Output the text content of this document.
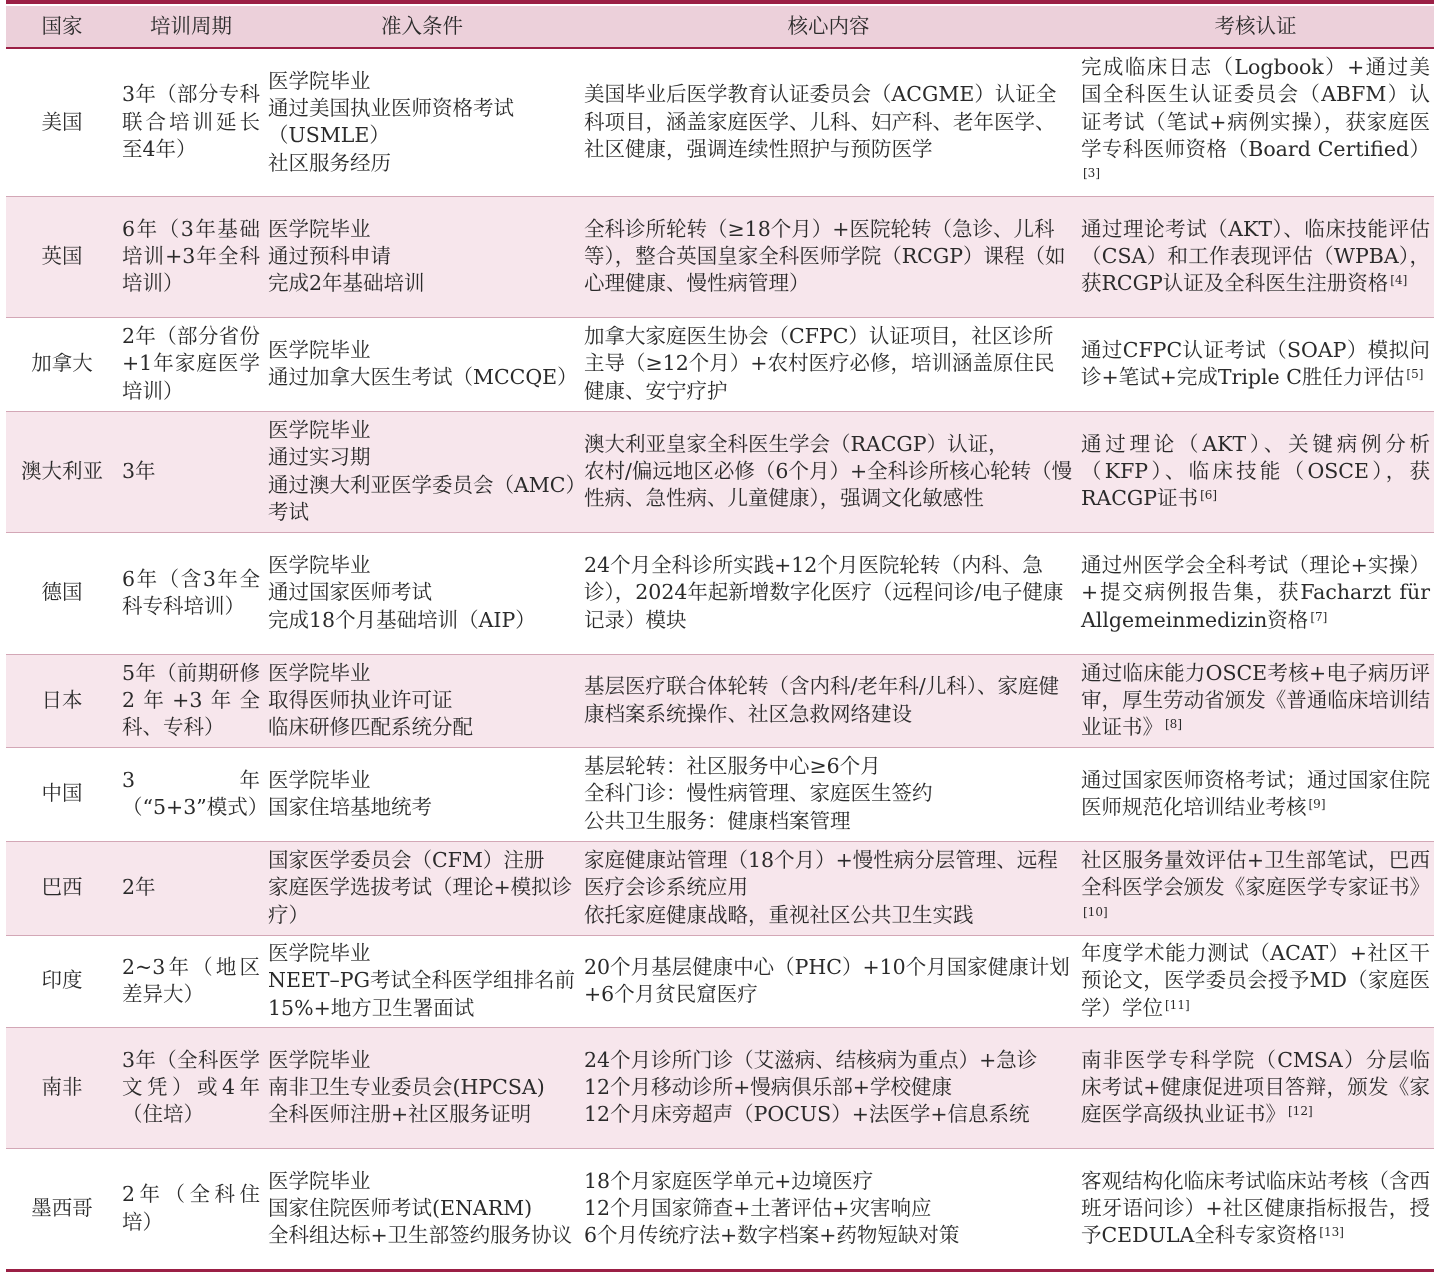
国家	培训周期	准入条件	核心内容	考核认证
美国	3年（部分专科联合培训延长至4年）	医学院毕业
通过美国执业医师资格考试（USMLE）
社区服务经历	美国毕业后医学教育认证委员会（ACGME）认证全科项目，涵盖家庭医学、儿科、妇产科、老年医学、社区健康，强调连续性照护与预防医学	完成临床日志（Logbook）+通过美国全科医生认证委员会（ABFM）认证考试（笔试+病例实操），获家庭医学专科医师资格（Board Certified）[3]
英国	6年（3年基础培训+3年全科培训）	医学院毕业
通过预科申请
完成2年基础培训	全科诊所轮转（≥18个月）+医院轮转（急诊、儿科等），整合英国皇家全科医师学院（RCGP）课程（如心理健康、慢性病管理）	通过理论考试（AKT）、临床技能评估（CSA）和工作表现评估（WPBA），获RCGP认证及全科医生注册资格 [4]
加拿大	2年（部分省份+1年家庭医学培训）	医学院毕业
通过加拿大医生考试（MCCQE）	加拿大家庭医生协会（CFPC）认证项目，社区诊所主导（≥12个月）+农村医疗必修，培训涵盖原住民健康、安宁疗护	通过CFPC认证考试（SOAP）模拟问诊+笔试+完成Triple C胜任力评估 [5]
澳大利亚	3年	医学院毕业
通过实习期
通过澳大利亚医学委员会（AMC）考试	澳大利亚皇家全科医生学会（RACGP）认证，
农村/偏远地区必修（6个月）+全科诊所核心轮转（慢性病、急性病、儿童健康），强调文化敏感性	通过理论（AKT）、关键病例分析（KFP）、临床技能（OSCE），获RACGP证书 [6]
德国	6年（含3年全科专科培训）	医学院毕业
通过国家医师考试
完成18个月基础培训（AIP）	24个月全科诊所实践+12个月医院轮转（内科、急诊），2024年起新增数字化医疗（远程问诊/电子健康记录）模块	通过州医学会全科考试（理论+实操）+提交病例报告集，获Facharzt für Allgemeinmedizin资格 [7]
日本	5年（前期研修2年+3年全科、专科）	医学院毕业
取得医师执业许可证
临床研修匹配系统分配	基层医疗联合体轮转（含内科/老年科/儿科）、家庭健康档案系统操作、社区急救网络建设	通过临床能力OSCE考核+电子病历评审，厚生劳动省颁发《普通临床培训结业证书》 [8]
中国	3年（“5+3”模式）	医学院毕业
国家住培基地统考	基层轮转：社区服务中心≥6个月
全科门诊：慢性病管理、家庭医生签约
公共卫生服务：健康档案管理	通过国家医师资格考试；通过国家住院医师规范化培训结业考核 [9]
巴西	2年	国家医学委员会（CFM）注册
家庭医学选拔考试（理论+模拟诊疗）	家庭健康站管理（18个月）+慢性病分层管理、远程医疗会诊系统应用
依托家庭健康战略，重视社区公共卫生实践	社区服务量效评估+卫生部笔试，巴西全科医学会颁发《家庭医学专家证书》[10]
印度	2~3年（地区差异大）	医学院毕业
NEET–PG考试全科医学组排名前15%+地方卫生署面试	20个月基层健康中心（PHC）+10个月国家健康计划+6个月贫民窟医疗	年度学术能力测试（ACAT）+社区干预论文，医学委员会授予MD（家庭医学）学位 [11]
南非	3年（全科医学文凭）或4年（住培）	医学院毕业
南非卫生专业委员会(HPCSA)
全科医师注册+社区服务证明	24个月诊所门诊（艾滋病、结核病为重点）+急诊
12个月移动诊所+慢病俱乐部+学校健康
12个月床旁超声（POCUS）+法医学+信息系统	南非医学专科学院（CMSA）分层临床考试+健康促进项目答辩，颁发《家庭医学高级执业证书》 [12]
墨西哥	2年（全科住培）	医学院毕业
国家住院医师考试(ENARM)
全科组达标+卫生部签约服务协议	18个月家庭医学单元+边境医疗
12个月国家筛查+土著评估+灾害响应
6个月传统疗法+数字档案+药物短缺对策	客观结构化临床考试临床站考核（含西班牙语问诊）+社区健康指标报告，授予CEDULA全科专家资格 [13]
